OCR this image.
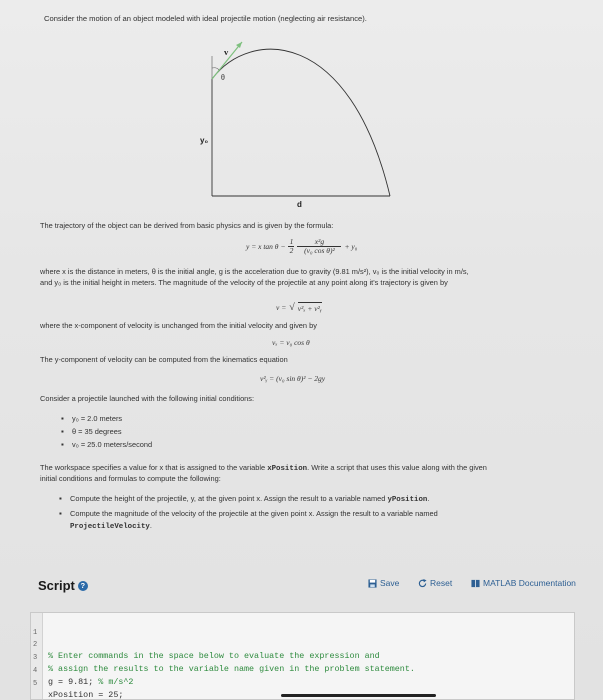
Consider the motion of an object modeled with ideal projectile motion (neglecting air resistance).
v
θ
y₀
d
The trajectory of the object can be derived from basic physics and is given by the formula:
y = x tan θ −
1
2
x²g
(v₀ cos θ)² + y₀
where x is the distance in meters, θ is the initial angle, g is the acceleration due to gravity (9.81 m/s²), v₀ is the initial velocity in m/s,
and y₀ is the initial height in meters. The magnitude of the velocity of the projectile at any point along it's trajectory is given by
v = √ v²ₓ + v²ᵧ
where the x-component of velocity is unchanged from the initial velocity and given by
vₓ = v₀ cos θ
The y-component of velocity can be computed from the kinematics equation
v²ᵧ = (v₀ sin θ)² − 2gy
Consider a projectile launched with the following initial conditions:
▪ y₀ = 2.0 meters
▪ θ = 35 degrees
▪ v₀ = 25.0 meters/second
The workspace specifies a value for x that is assigned to the variable xPosition. Write a script that uses this value along with the given
initial conditions and formulas to compute the following:
▪ Compute the height of the projectile, y, at the given point x. Assign the result to a variable named yPosition.
▪ Compute the magnitude of the velocity of the projectile at the given point x. Assign the result to a variable named
ProjectileVelocity.
Script ?	Save	Reset	MATLAB Documentation

1

2

% Enter commands in the space below to evaluate the expression and

3

% assign the results to the variable name given in the problem statement.

4

g = 9.81; % m/s^2

5

xPosition = 25;
